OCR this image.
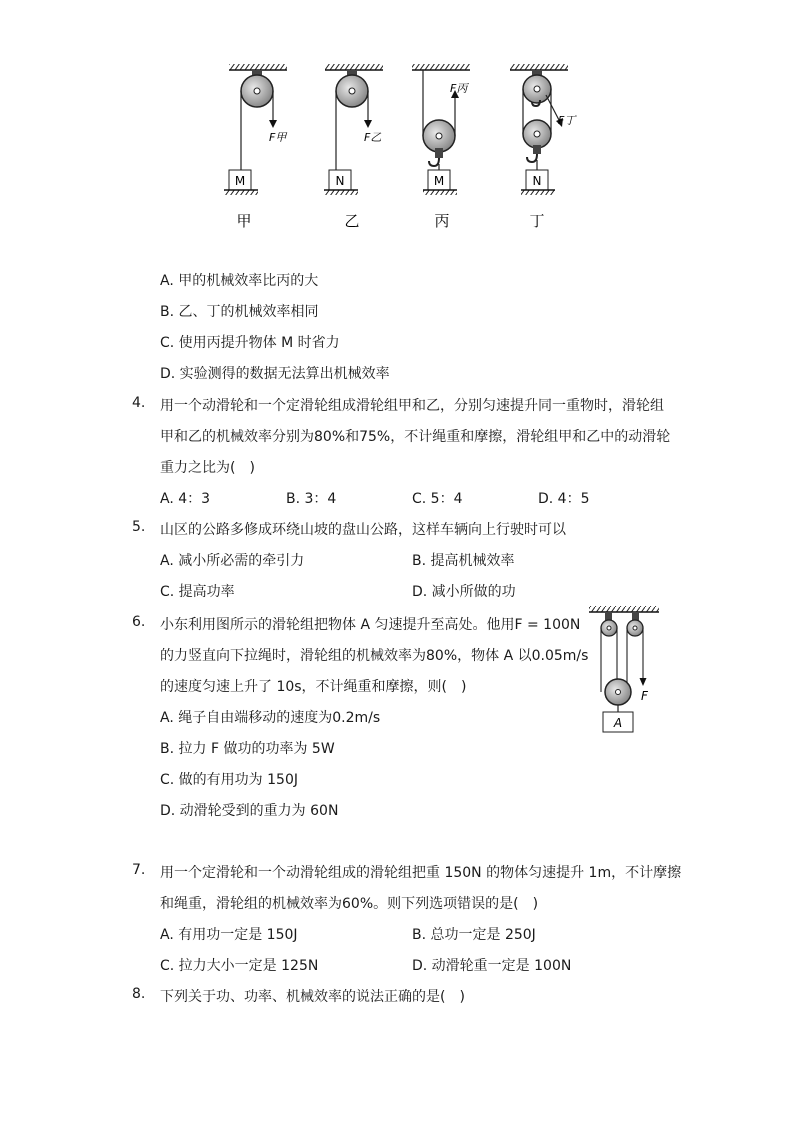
M
F甲
甲
N
F乙
乙
M
F丙
丙
N
F丁
丁
A. 甲的机械效率比丙的大
B. 乙、丁的机械效率相同
C. 使用丙提升物体 M 时省力
D. 实验测得的数据无法算出机械效率
4. 用一个动滑轮和一个定滑轮组成滑轮组甲和乙，分别匀速提升同一重物时，滑轮组
甲和乙的机械效率分别为80%和75%，不计绳重和摩擦，滑轮组甲和乙中的动滑轮
重力之比为(　)
A. 4：3	B. 3：4	C. 5：4	D. 4：5
5. 山区的公路多修成环绕山坡的盘山公路，这样车辆向上行驶时可以
A. 减小所必需的牵引力	B. 提高机械效率
C. 提高功率	D. 减小所做的功
6. 小东利用图所示的滑轮组把物体 A 匀速提升至高处。他用F = 100N
的力竖直向下拉绳时，滑轮组的机械效率为80%，物体 A 以0.05m/s
的速度匀速上升了 10s，不计绳重和摩擦，则(　)
A. 绳子自由端移动的速度为0.2m/s
B. 拉力 F 做功的功率为 5W
C. 做的有用功为 150J
D. 动滑轮受到的重力为 60N
A
F
7. 用一个定滑轮和一个动滑轮组成的滑轮组把重 150N 的物体匀速提升 1m，不计摩擦
和绳重，滑轮组的机械效率为60%。则下列选项错误的是(　)
A. 有用功一定是 150J	B. 总功一定是 250J
C. 拉力大小一定是 125N	D. 动滑轮重一定是 100N
8. 下列关于功、功率、机械效率的说法正确的是(　)
